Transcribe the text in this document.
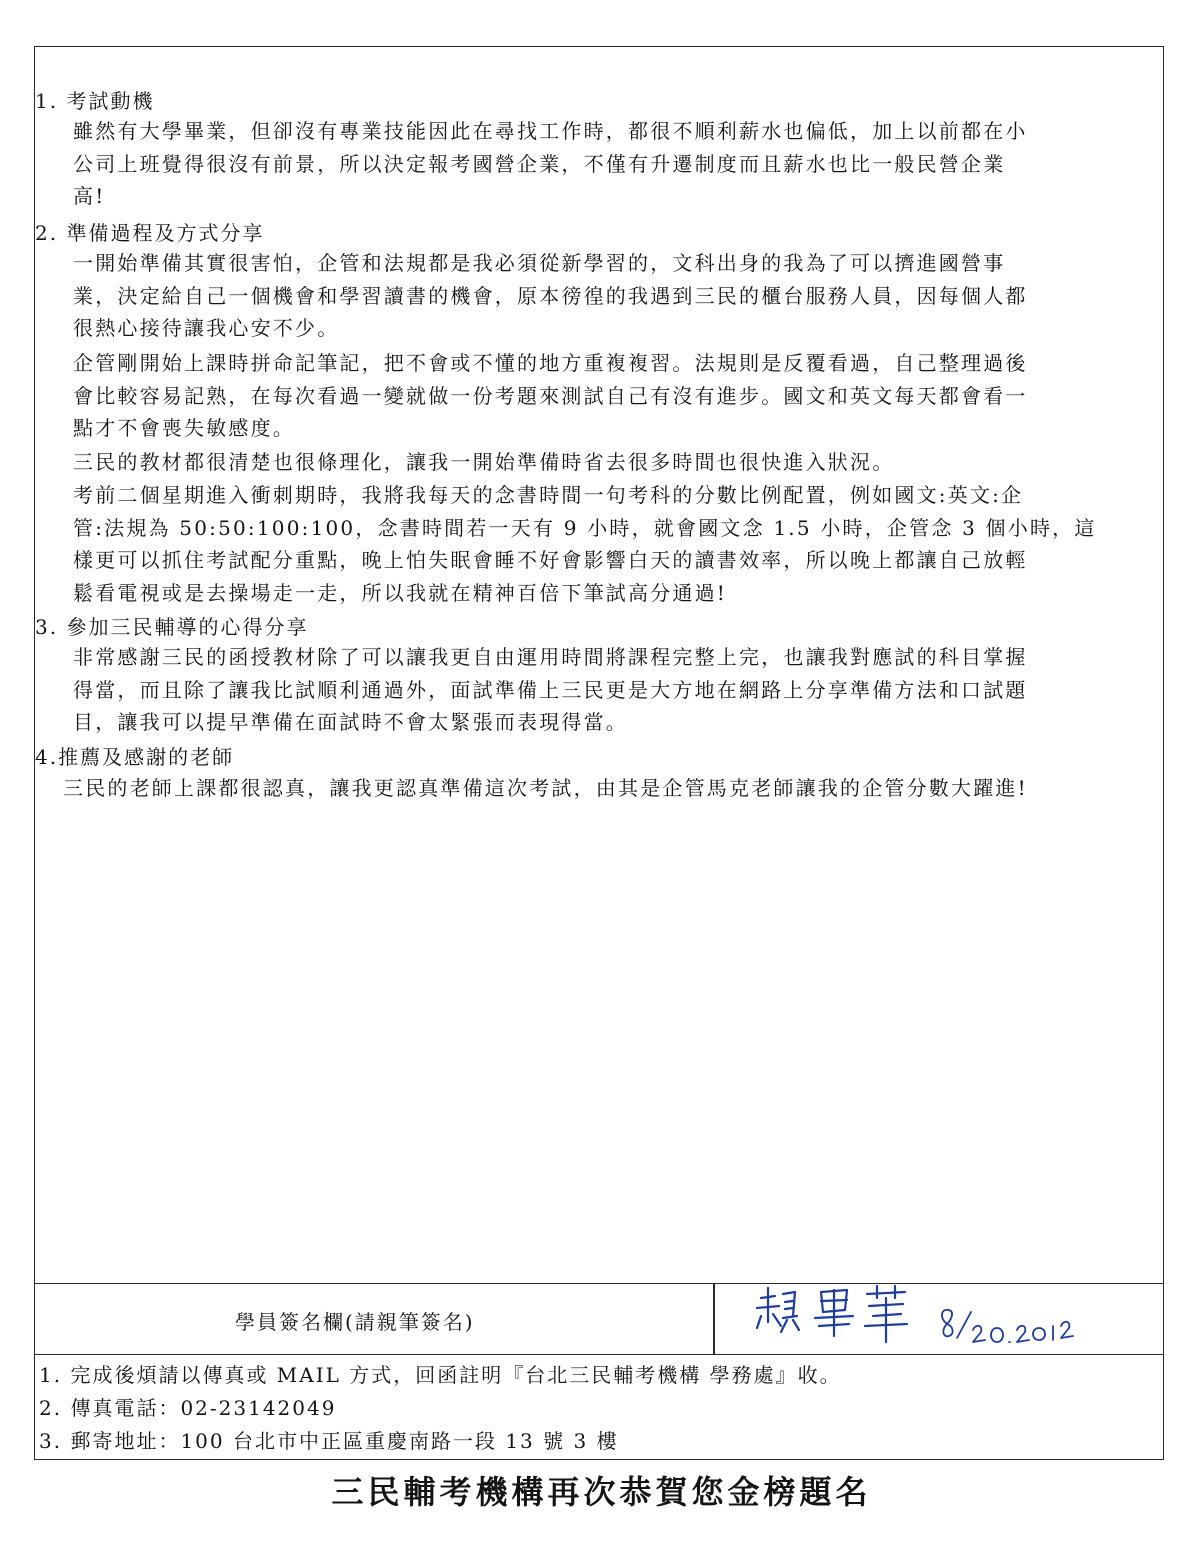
1. 考試動機

雖然有大學畢業，但卻沒有專業技能因此在尋找工作時，都很不順利薪水也偏低，加上以前都在小
公司上班覺得很沒有前景，所以決定報考國營企業，不僅有升遷制度而且薪水也比一般民營企業
高!

2. 準備過程及方式分享

一開始準備其實很害怕，企管和法規都是我必須從新學習的，文科出身的我為了可以擠進國營事
業，決定給自己一個機會和學習讀書的機會，原本徬徨的我遇到三民的櫃台服務人員，因每個人都
很熱心接待讓我心安不少。

企管剛開始上課時拼命記筆記，把不會或不懂的地方重複複習。法規則是反覆看過，自己整理過後
會比較容易記熟，在每次看過一變就做一份考題來測試自己有沒有進步。國文和英文每天都會看一
點才不會喪失敏感度。

三民的教材都很清楚也很條理化，讓我一開始準備時省去很多時間也很快進入狀況。

考前二個星期進入衝刺期時，我將我每天的念書時間一句考科的分數比例配置，例如國文:英文:企
管:法規為 50:50:100:100，念書時間若一天有 9 小時，就會國文念 1.5 小時，企管念 3 個小時，這
樣更可以抓住考試配分重點，晚上怕失眠會睡不好會影響白天的讀書效率，所以晚上都讓自己放輕
鬆看電視或是去操場走一走，所以我就在精神百倍下筆試高分通過!

3. 參加三民輔導的心得分享

非常感謝三民的函授教材除了可以讓我更自由運用時間將課程完整上完，也讓我對應試的科目掌握
得當，而且除了讓我比試順利通過外，面試準備上三民更是大方地在網路上分享準備方法和口試題
目，讓我可以提早準備在面試時不會太緊張而表現得當。

4.推薦及感謝的老師

三民的老師上課都很認真，讓我更認真準備這次考試，由其是企管馬克老師讓我的企管分數大躍進!

學員簽名欄(請親筆簽名)
1. 完成後煩請以傳真或 MAIL 方式，回函註明『台北三民輔考機構 學務處』收。
2. 傳真電話：02-23142049
3. 郵寄地址：100 台北市中正區重慶南路一段 13 號 3 樓
三民輔考機構再次恭賀您金榜題名
